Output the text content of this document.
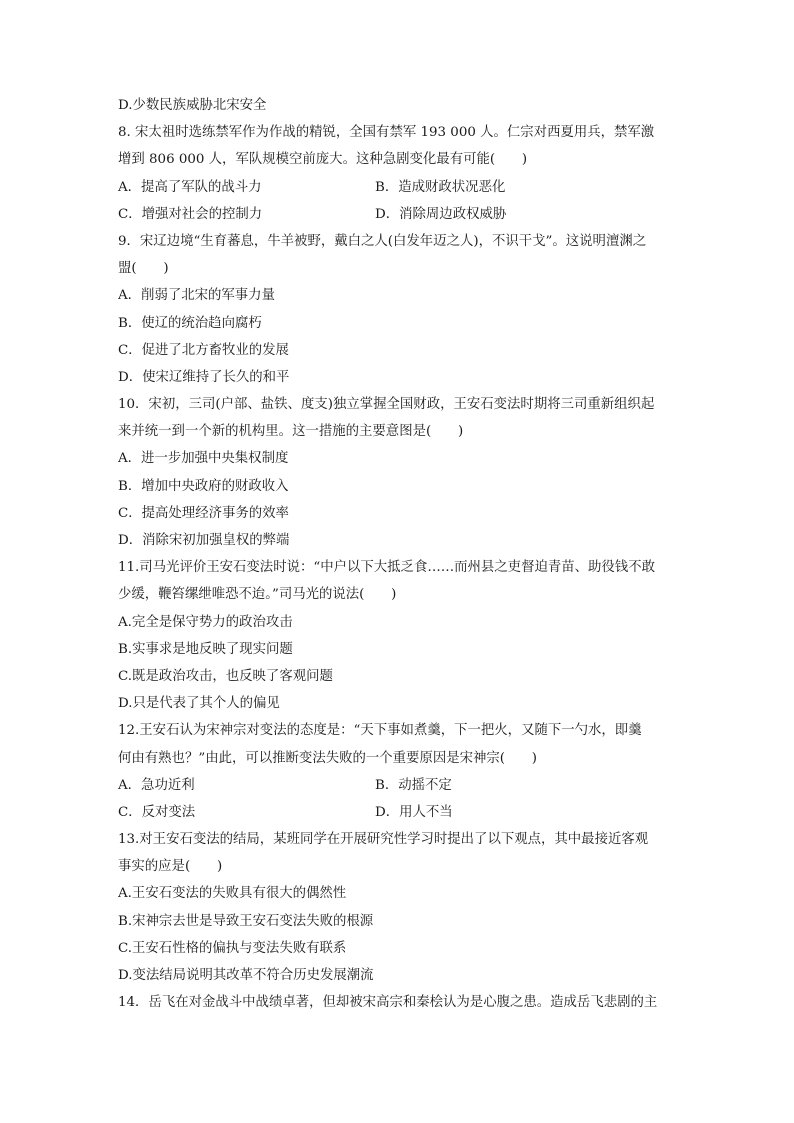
D.少数民族威胁北宋安全
8. 宋太祖时选练禁军作为作战的精锐，全国有禁军 193 000 人。仁宗对西夏用兵，禁军激
增到 806 000 人，军队规模空前庞大。这种急剧变化最有可能(　　)
A．提高了军队的战斗力	B．造成财政状况恶化
C．增强对社会的控制力	D．消除周边政权威胁
9．宋辽边境“生育蕃息，牛羊被野，戴白之人(白发年迈之人)，不识干戈”。这说明澶渊之
盟(　　)
A．削弱了北宋的军事力量
B．使辽的统治趋向腐朽
C．促进了北方畜牧业的发展
D．使宋辽维持了长久的和平
10．宋初，三司(户部、盐铁、度支)独立掌握全国财政，王安石变法时期将三司重新组织起
来并统一到一个新的机构里。这一措施的主要意图是(　　)
A．进一步加强中央集权制度
B．增加中央政府的财政收入
C．提高处理经济事务的效率
D．消除宋初加强皇权的弊端
11.司马光评价王安石变法时说：“中户以下大抵乏食……而州县之吏督迫青苗、助役钱不敢
少缓，鞭笞缧绁唯恐不迨。”司马光的说法(　　)
A.完全是保守势力的政治攻击
B.实事求是地反映了现实问题
C.既是政治攻击，也反映了客观问题
D.只是代表了其个人的偏见
12.王安石认为宋神宗对变法的态度是：“天下事如煮羹，下一把火，又随下一勺水，即羹
何由有熟也？”由此，可以推断变法失败的一个重要原因是宋神宗(　　)
A．急功近利	B．动摇不定
C．反对变法	D．用人不当
13.对王安石变法的结局，某班同学在开展研究性学习时提出了以下观点，其中最接近客观
事实的应是(　　)
A.王安石变法的失败具有很大的偶然性
B.宋神宗去世是导致王安石变法失败的根源
C.王安石性格的偏执与变法失败有联系
D.变法结局说明其改革不符合历史发展潮流
14．岳飞在对金战斗中战绩卓著，但却被宋高宗和秦桧认为是心腹之患。造成岳飞悲剧的主
